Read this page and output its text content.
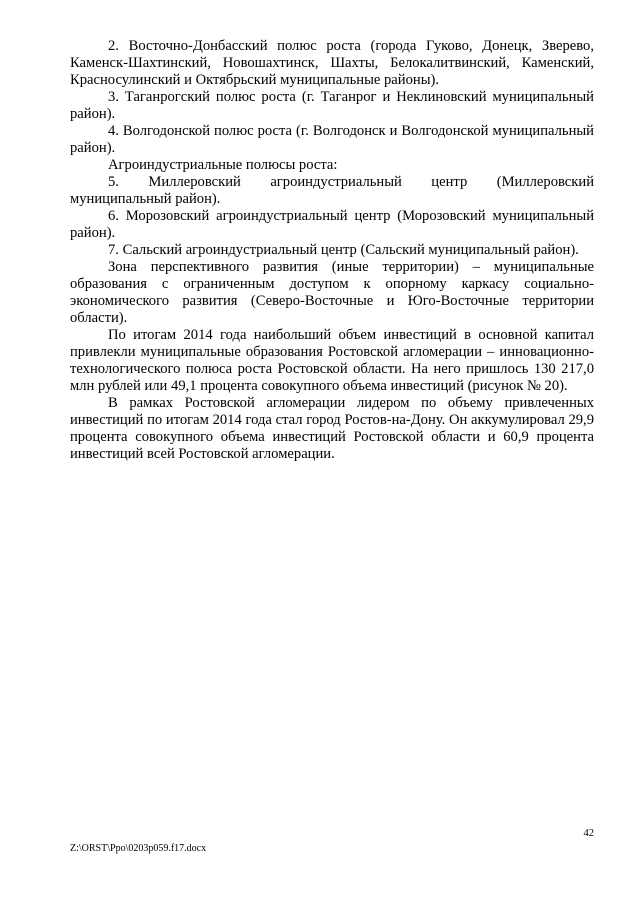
2. Восточно-Донбасский полюс роста (города Гуково, Донецк, Зверево, Каменск-Шахтинский, Новошахтинск, Шахты, Белокалитвинский, Каменский, Красносулинский и Октябрьский муниципальные районы).

3. Таганрогский полюс роста (г. Таганрог и Неклиновский муниципальный район).

4. Волгодонской полюс роста (г. Волгодонск и Волгодонской муниципальный район).

Агроиндустриальные полюсы роста:

5. Миллеровский агроиндустриальный центр (Миллеровский муниципальный район).

6. Морозовский агроиндустриальный центр (Морозовский муниципальный район).

7. Сальский агроиндустриальный центр (Сальский муниципальный район).

Зона перспективного развития (иные территории) – муниципальные образования с ограниченным доступом к опорному каркасу социально-экономического развития (Северо-Восточные и Юго-Восточные территории области).

По итогам 2014 года наибольший объем инвестиций в основной капитал привлекли муниципальные образования Ростовской агломерации – инновационно-технологического полюса роста Ростовской области. На него пришлось 130 217,0 млн рублей или 49,1 процента совокупного объема инвестиций (рисунок № 20).

В рамках Ростовской агломерации лидером по объему привлеченных инвестиций по итогам 2014 года стал город Ростов-на-Дону. Он аккумулировал 29,9 процента совокупного объема инвестиций Ростовской области и 60,9 процента инвестиций всей Ростовской агломерации.

42
Z:\ORST\Ppo\0203p059.f17.docx
